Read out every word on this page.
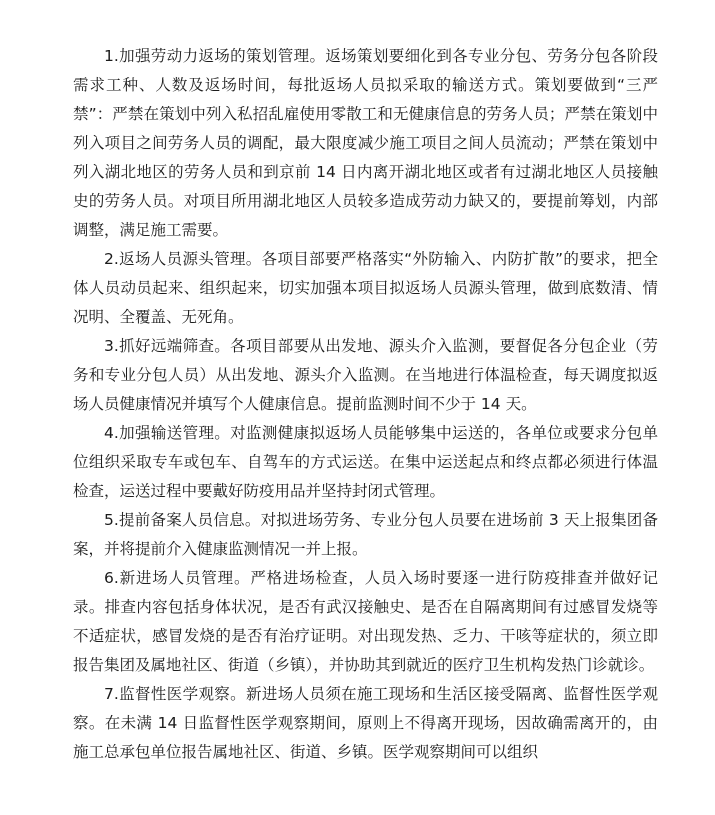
1.加强劳动力返场的策划管理。返场策划要细化到各专业分包、劳务分包各阶段需求工种、人数及返场时间，每批返场人员拟采取的输送方式。策划要做到“三严禁”：严禁在策划中列入私招乱雇使用零散工和无健康信息的劳务人员；严禁在策划中列入项目之间劳务人员的调配，最大限度减少施工项目之间人员流动；严禁在策划中列入湖北地区的劳务人员和到京前 14 日内离开湖北地区或者有过湖北地区人员接触史的劳务人员。对项目所用湖北地区人员较多造成劳动力缺又的，要提前筹划，内部调整，满足施工需要。

2.返场人员源头管理。各项目部要严格落实“外防输入、内防扩散”的要求，把全体人员动员起来、组织起来，切实加强本项目拟返场人员源头管理，做到底数清、情况明、全覆盖、无死角。

3.抓好远端筛查。各项目部要从出发地、源头介入监测，要督促各分包企业（劳务和专业分包人员）从出发地、源头介入监测。在当地进行体温检查，每天调度拟返场人员健康情况并填写个人健康信息。提前监测时间不少于 14 天。

4.加强输送管理。对监测健康拟返场人员能够集中运送的，各单位或要求分包单位组织采取专车或包车、自驾车的方式运送。在集中运送起点和终点都必须进行体温检查，运送过程中要戴好防疫用品并坚持封闭式管理。

5.提前备案人员信息。对拟进场劳务、专业分包人员要在进场前 3 天上报集团备案，并将提前介入健康监测情况一并上报。

6.新进场人员管理。严格进场检查，人员入场时要逐一进行防疫排查并做好记录。排查内容包括身体状况，是否有武汉接触史、是否在自隔离期间有过感冒发烧等不适症状，感冒发烧的是否有治疗证明。对出现发热、乏力、干咳等症状的，须立即报告集团及属地社区、街道（乡镇），并协助其到就近的医疗卫生机构发热门诊就诊。

7.监督性医学观察。新进场人员须在施工现场和生活区接受隔离、监督性医学观察。在未满 14 日监督性医学观察期间，原则上不得离开现场，因故确需离开的，由施工总承包单位报告属地社区、街道、乡镇。医学观察期间可以组织
